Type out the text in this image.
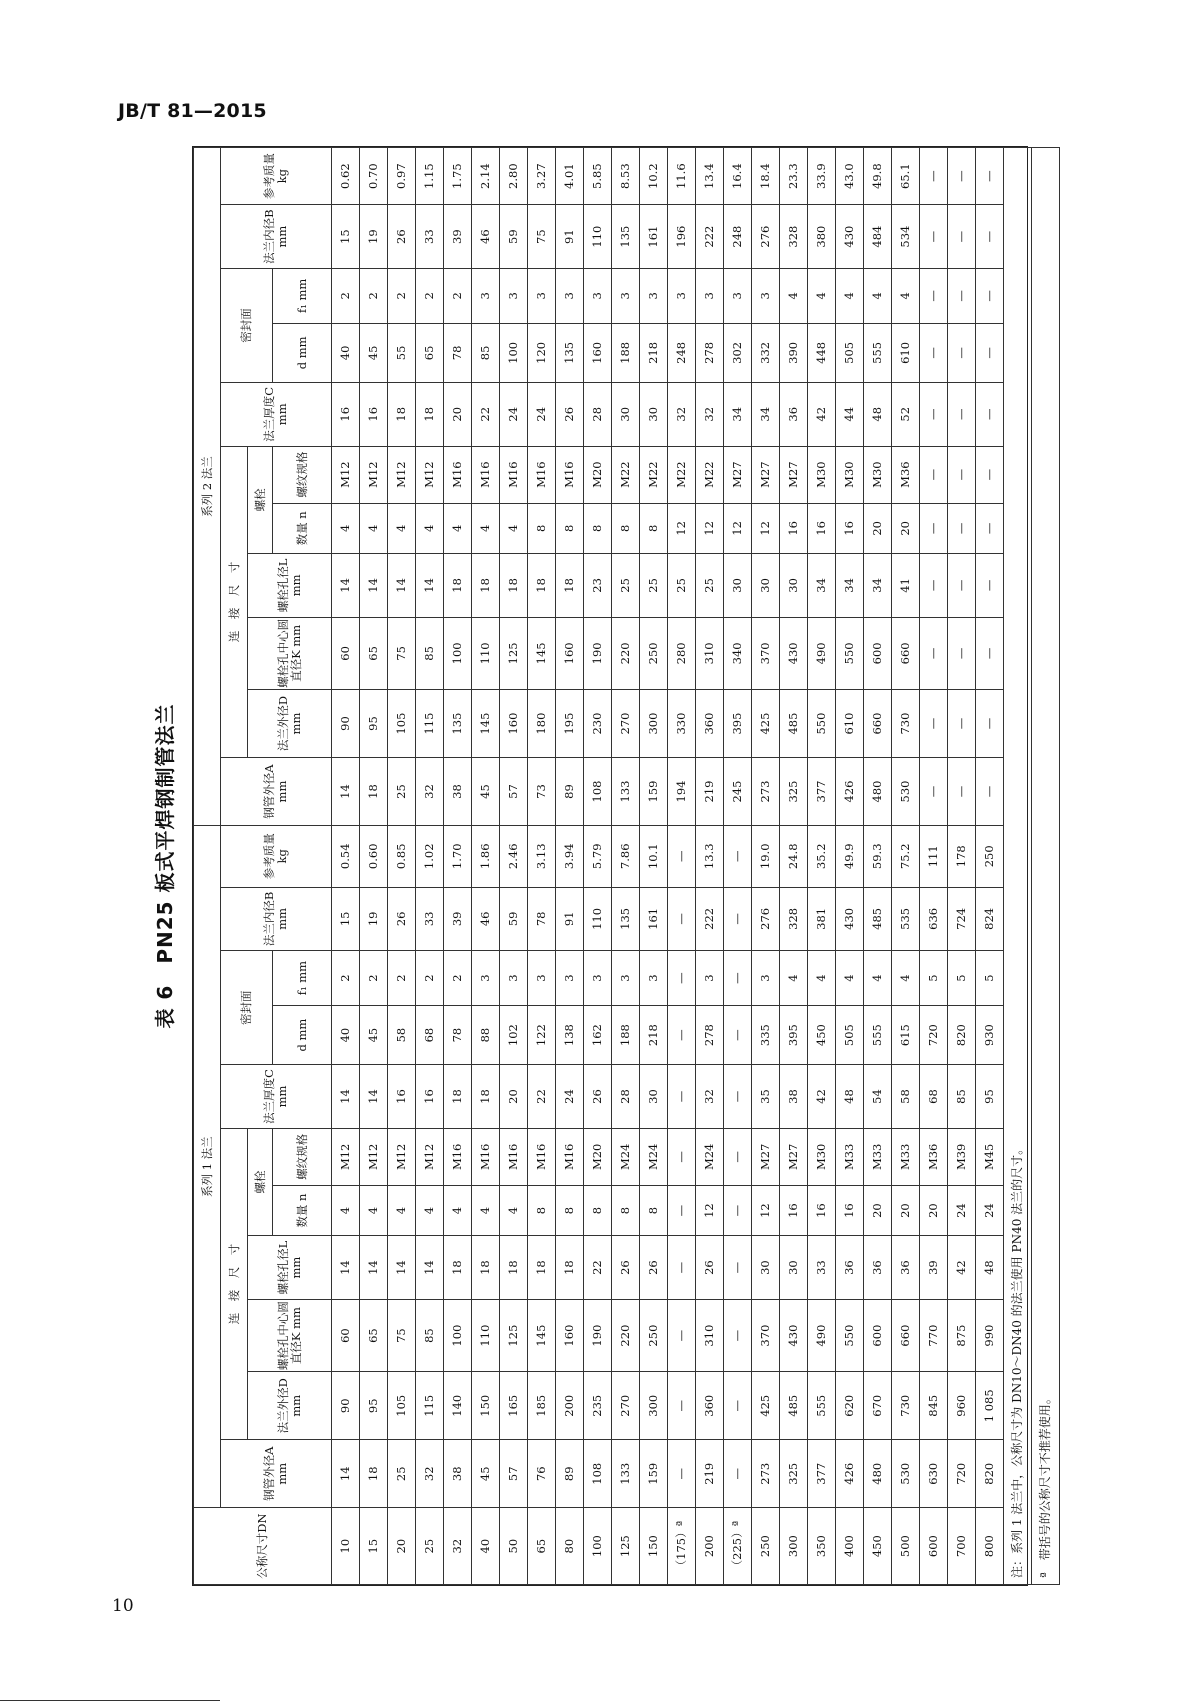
JB/T 81—2015
表 6　PN25 板式平焊钢制管法兰
公称尺寸DN	系列 1 法兰											系列 2 法兰										
	钢管外径A mm	连　接　尺　寸					法兰厚度C mm	密封面		法兰内径B mm	参考质量 kg	钢管外径A mm	连　接　尺　寸					法兰厚度C mm	密封面		法兰内径B mm	参考质量 kg
		法兰外径D mm	螺栓孔中心圆直径K mm	螺栓孔径L mm	螺栓								法兰外径D mm	螺栓孔中心圆直径K mm	螺栓孔径L mm	螺栓						
					数量 n	螺纹规格		d mm	f₁ mm							数量 n	螺纹规格		d mm	f₁ mm		
10	14	90	60	14	4	M12	14	40	2	15	0.54	14	90	60	14	4	M12	16	40	2	15	0.62
15	18	95	65	14	4	M12	14	45	2	19	0.60	18	95	65	14	4	M12	16	45	2	19	0.70
20	25	105	75	14	4	M12	16	58	2	26	0.85	25	105	75	14	4	M12	18	55	2	26	0.97
25	32	115	85	14	4	M12	16	68	2	33	1.02	32	115	85	14	4	M12	18	65	2	33	1.15
32	38	140	100	18	4	M16	18	78	2	39	1.70	38	135	100	18	4	M16	20	78	2	39	1.75
40	45	150	110	18	4	M16	18	88	3	46	1.86	45	145	110	18	4	M16	22	85	3	46	2.14
50	57	165	125	18	4	M16	20	102	3	59	2.46	57	160	125	18	4	M16	24	100	3	59	2.80
65	76	185	145	18	8	M16	22	122	3	78	3.13	73	180	145	18	8	M16	24	120	3	75	3.27
80	89	200	160	18	8	M16	24	138	3	91	3.94	89	195	160	18	8	M16	26	135	3	91	4.01
100	108	235	190	22	8	M20	26	162	3	110	5.79	108	230	190	23	8	M20	28	160	3	110	5.85
125	133	270	220	26	8	M24	28	188	3	135	7.86	133	270	220	25	8	M22	30	188	3	135	8.53
150	159	300	250	26	8	M24	30	218	3	161	10.1	159	300	250	25	8	M22	30	218	3	161	10.2
（175）ª	—	—	—	—	—	—	—	—	—	—	—	194	330	280	25	12	M22	32	248	3	196	11.6
200	219	360	310	26	12	M24	32	278	3	222	13.3	219	360	310	25	12	M22	32	278	3	222	13.4
（225）ª	—	—	—	—	—	—	—	—	—	—	—	245	395	340	30	12	M27	34	302	3	248	16.4
250	273	425	370	30	12	M27	35	335	3	276	19.0	273	425	370	30	12	M27	34	332	3	276	18.4
300	325	485	430	30	16	M27	38	395	4	328	24.8	325	485	430	30	16	M27	36	390	4	328	23.3
350	377	555	490	33	16	M30	42	450	4	381	35.2	377	550	490	34	16	M30	42	448	4	380	33.9
400	426	620	550	36	16	M33	48	505	4	430	49.9	426	610	550	34	16	M30	44	505	4	430	43.0
450	480	670	600	36	20	M33	54	555	4	485	59.3	480	660	600	34	20	M30	48	555	4	484	49.8
500	530	730	660	36	20	M33	58	615	4	535	75.2	530	730	660	41	20	M36	52	610	4	534	65.1
600	630	845	770	39	20	M36	68	720	5	636	111	—	—	—	—	—	—	—	—	—	—	—
700	720	960	875	42	24	M39	85	820	5	724	178	—	—	—	—	—	—	—	—	—	—	—
800	820	1 085	990	48	24	M45	95	930	5	824	250	—	—	—	—	—	—	—	—	—	—	—
注：系列 1 法兰中，公称尺寸为 DN10～DN40 的法兰使用 PN40 法兰的尺寸。																						
ª　带括号的公称尺寸不推荐使用。																						
10
